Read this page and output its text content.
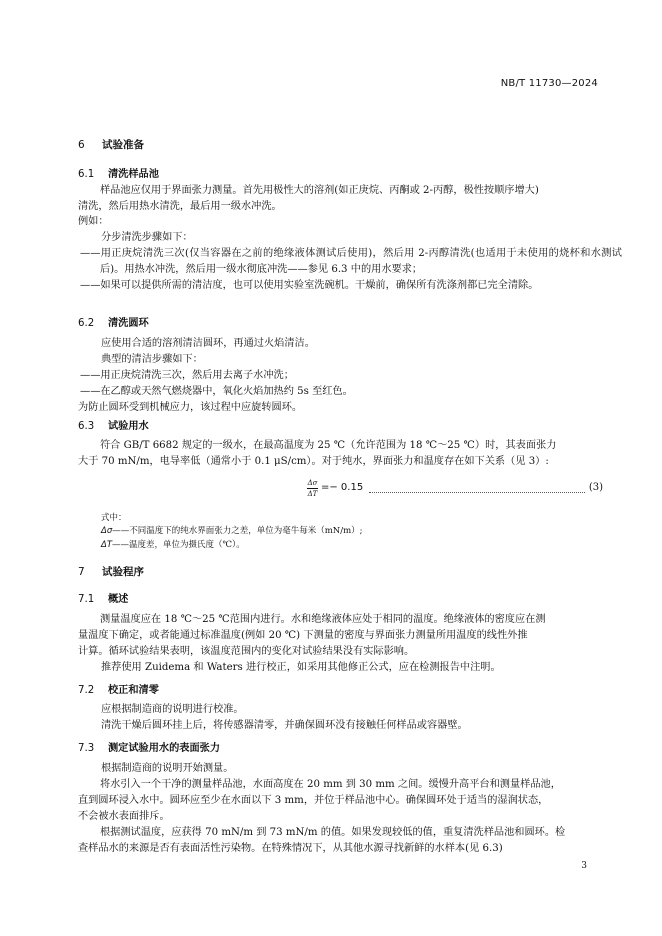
NB/T 11730—2024
6 试验准备
6.1 清洗样品池
样品池应仅用于界面张力测量。首先用极性大的溶剂(如正庚烷、丙酮或 2-丙醇，极性按顺序增大)
清洗，然后用热水清洗，最后用一级水冲洗。
例如：
分步清洗步骤如下：
——用正庚烷清洗三次(仅当容器在之前的绝缘液体测试后使用)，然后用 2-丙醇清洗(也适用于未使用的烧杯和水测试后)。用热水冲洗，然后用一级水彻底冲洗——参见 6.3 中的用水要求；
——如果可以提供所需的清洁度，也可以使用实验室洗碗机。干燥前，确保所有洗涤剂都已完全清除。
6.2 清洗圆环
应使用合适的溶剂清洁圆环，再通过火焰清洁。
典型的清洁步骤如下：
——用正庚烷清洗三次，然后用去离子水冲洗；
——在乙醇或天然气燃烧器中，氧化火焰加热约 5s 至红色。
为防止圆环受到机械应力，该过程中应旋转圆环。
6.3 试验用水
符合 GB/T 6682 规定的一级水，在最高温度为 25 ℃（允许范围为 18 ℃～25 ℃）时，其表面张力
大于 70 mN/m，电导率低（通常小于 0.1 μS/cm）。对于纯水，界面张力和温度存在如下关系（见 3）:
$\frac{\Delta\sigma}{\Delta T} =- 0.15$	(3)
式中：
Δσ——不同温度下的纯水界面张力之差，单位为毫牛每米（mN/m）;
ΔT——温度差，单位为摄氏度（℃）。
7 试验程序
7.1 概述
测量温度应在 18 ℃～25 ℃范围内进行。水和绝缘液体应处于相同的温度。绝缘液体的密度应在测
量温度下确定，或者能通过标准温度(例如 20 ℃) 下测量的密度与界面张力测量所用温度的线性外推
计算。循环试验结果表明，该温度范围内的变化对试验结果没有实际影响。
推荐使用 Zuidema 和 Waters 进行校正，如采用其他修正公式，应在检测报告中注明。
7.2 校正和清零
应根据制造商的说明进行校准。
清洗干燥后圆环挂上后，将传感器清零，并确保圆环没有接触任何样品或容器壁。
7.3 测定试验用水的表面张力
根据制造商的说明开始测量。
将水引入一个干净的测量样品池，水面高度在 20 mm 到 30 mm 之间。缓慢升高平台和测量样品池，
直到圆环浸入水中。圆环应至少在水面以下 3 mm，并位于样品池中心。确保圆环处于适当的湿润状态，
不会被水表面排斥。
根据测试温度，应获得 70 mN/m 到 73 mN/m 的值。如果发现较低的值，重复清洗样品池和圆环。检
查样品水的来源是否有表面活性污染物。在特殊情况下，从其他水源寻找新鲜的水样本(见 6.3)
3
